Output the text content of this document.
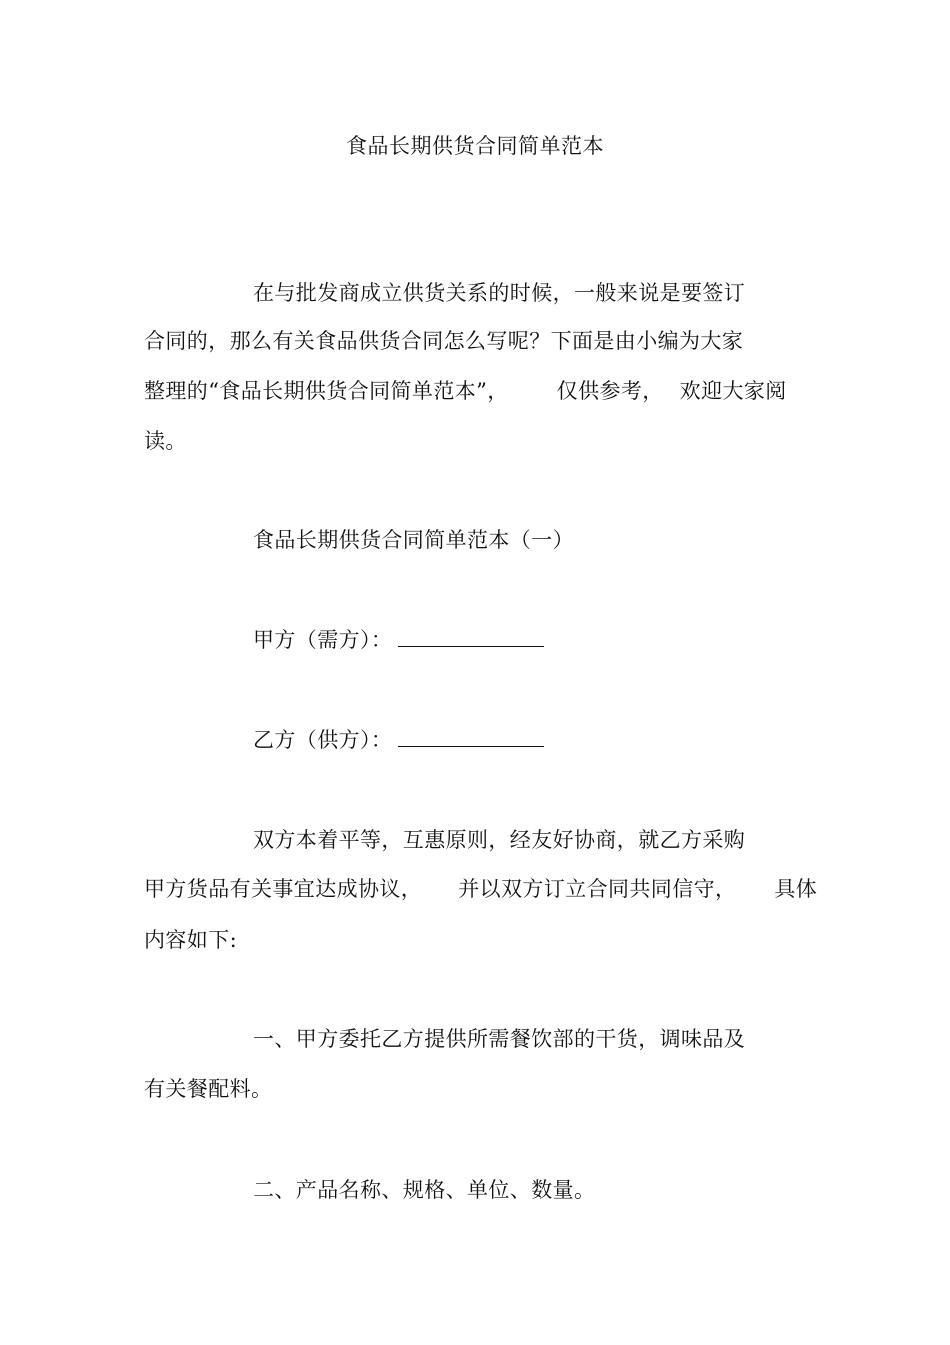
食品长期供货合同简单范本
在与批发商成立供货关系的时候，一般来说是要签订
合同的，那么有关食品供货合同怎么写呢？下面是由小编为大家
整理的“食品长期供货合同简单范本”， 仅供参考， 欢迎大家阅
读。
食品长期供货合同简单范本（一）
甲方（需方）：
乙方（供方）：
双方本着平等，互惠原则，经友好协商，就乙方采购
甲方货品有关事宜达成协议， 并以双方订立合同共同信守， 具体
内容如下:
一、甲方委托乙方提供所需餐饮部的干货，调味品及
有关餐配料。
二、产品名称、规格、单位、数量。
